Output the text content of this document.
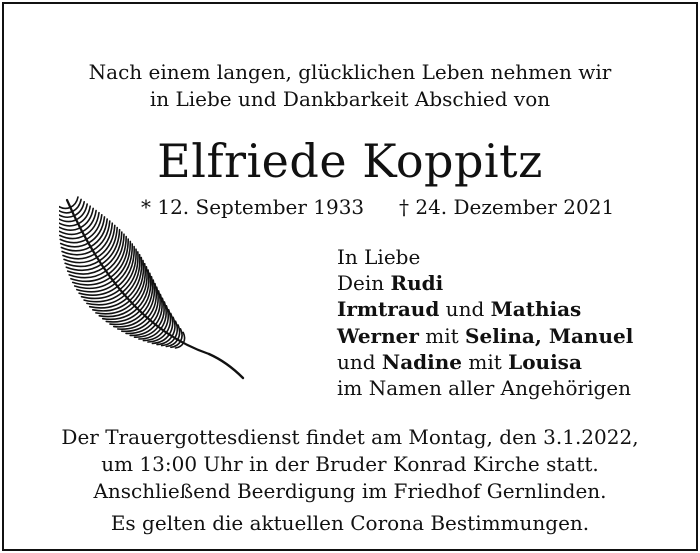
Nach einem langen, glücklichen Leben nehmen wir
in Liebe und Dankbarkeit Abschied von
Elfriede Koppitz
* 12. September 1933 † 24. Dezember 2021
In Liebe
Dein Rudi
Irmtraud und Mathias
Werner mit Selina, Manuel
und Nadine mit Louisa
im Namen aller Angehörigen
Der Trauergottesdienst findet am Montag, den 3.1.2022,
um 13:00 Uhr in der Bruder Konrad Kirche statt.
Anschließend Beerdigung im Friedhof Gernlinden.
Es gelten die aktuellen Corona Bestimmungen.
